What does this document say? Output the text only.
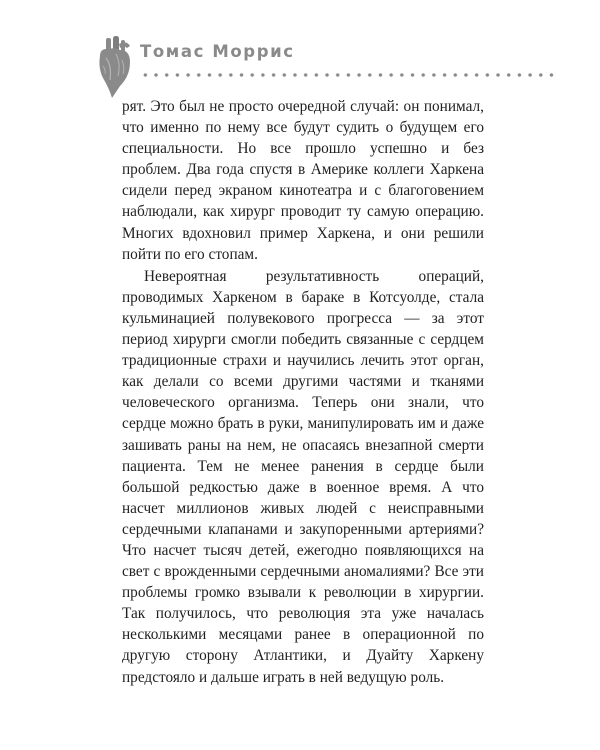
Томас Моррис

рят. Это был не просто очередной случай: он понимал, что именно по нему все будут судить о будущем его специальности. Но все прошло успешно и без проблем. Два года спустя в Америке коллеги Харкена сидели перед экраном кинотеатра и с благоговением наблюдали, как хирург проводит ту самую операцию. Многих вдохновил пример Харкена, и они решили пойти по его стопам.

Невероятная результативность операций, проводимых Харкеном в бараке в Котсуолде, стала кульминацией полувекового прогресса — за этот период хирурги смогли победить связанные с сердцем традиционные страхи и научились лечить этот орган, как делали со всеми другими частями и тканями человеческого организма. Теперь они знали, что сердце можно брать в руки, манипулировать им и даже зашивать раны на нем, не опасаясь внезапной смерти пациента. Тем не менее ранения в сердце были большой редкостью даже в военное время. А что насчет миллионов живых людей с неисправными сердечными клапанами и закупоренными артериями? Что насчет тысяч детей, ежегодно появляющихся на свет с врожденными сердечными аномалиями? Все эти проблемы громко взывали к революции в хирургии. Так получилось, что революция эта уже началась несколькими месяцами ранее в операционной по другую сторону Атлантики, и Дуайту Харкену предстояло и дальше играть в ней ведущую роль.
